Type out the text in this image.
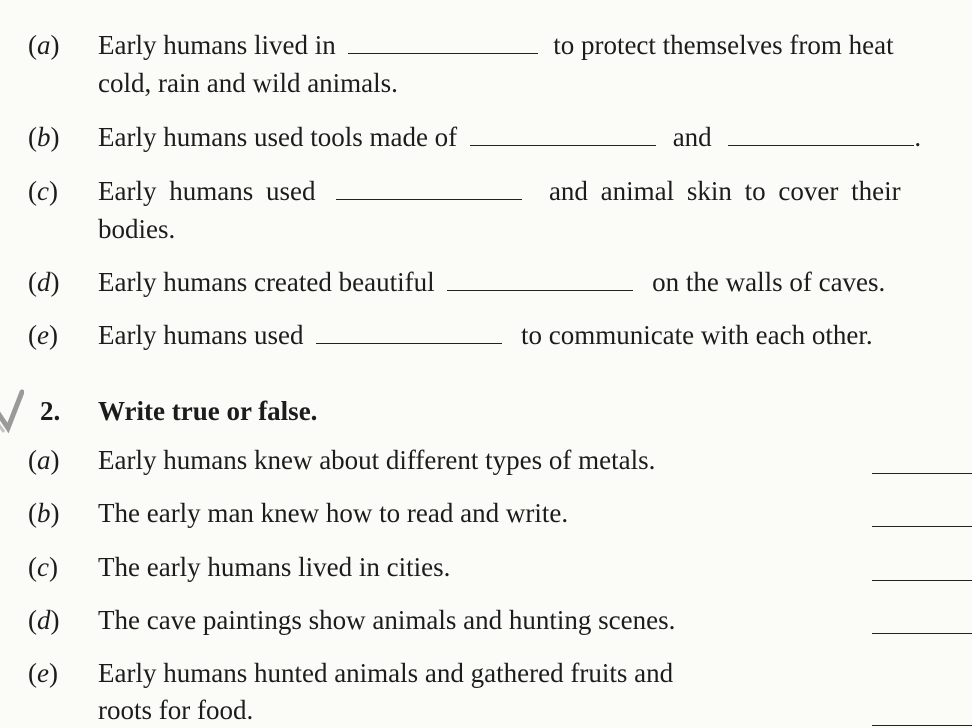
(a)	Early humans lived in	to protect themselves from heat
cold, rain and wild animals.
(b)	Early humans used tools made of	and	.
(c)	Early humans used	and animal skin to cover their
bodies.
(d)	Early humans created beautiful	on the walls of caves.
(e)	Early humans used	to communicate with each other.
2. Write true or false.
(a)	Early humans knew about different types of metals.
(b)	The early man knew how to read and write.
(c)	The early humans lived in cities.
(d)	The cave paintings show animals and hunting scenes.
(e)	Early humans hunted animals and gathered fruits and
roots for food.
